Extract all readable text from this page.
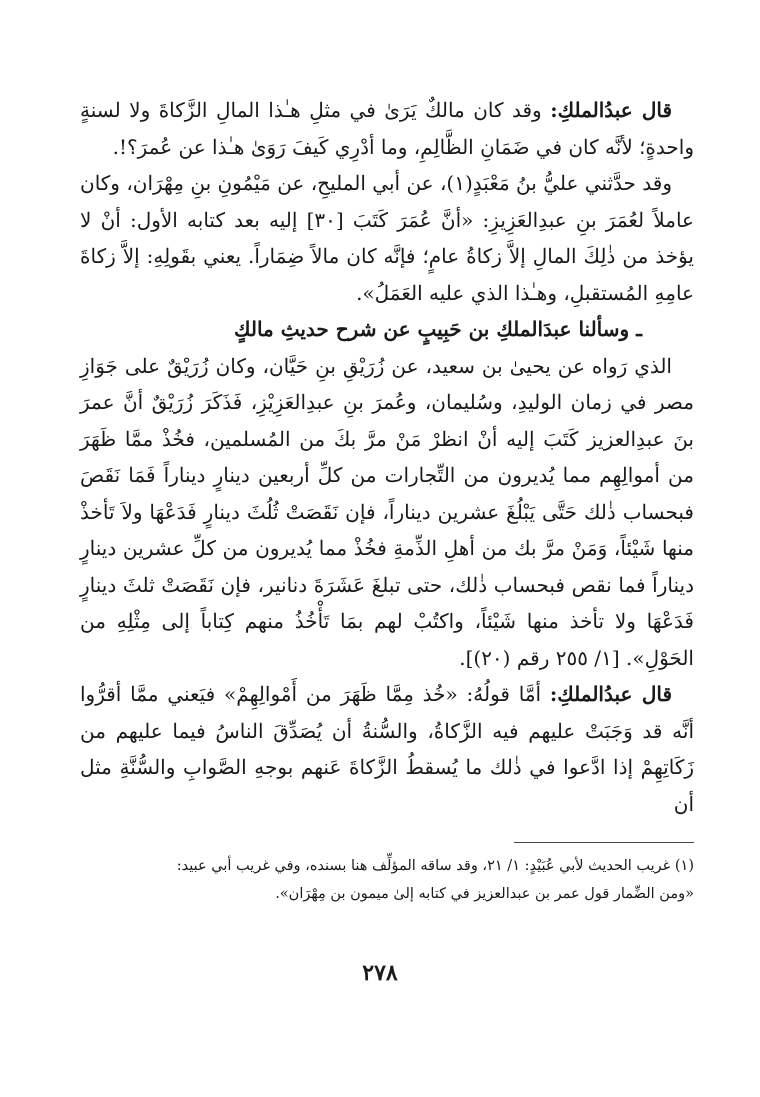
قال عبدُالملكِ: وقد كان مالكٌ يَرَىٰ في مثلِ هـٰذا المالِ الزَّكاةَ ولا لسنةٍ واحدةٍ؛ لأنَّه كان في ضَمَانِ الظَّالِمِ، وما أدْرِي كَيفَ رَوَىٰ هـٰذا عن عُمرَ؟!.

وقد حدَّثني عليُّ بنُ مَعْبَدٍ(١)، عن أبي المليحِ، عن مَيْمُونِ بنِ مِهْرَان، وكان عاملاً لعُمَرَ بنِ عبدِالعَزِيزِ: «أنَّ عُمَرَ كَتَبَ [٣٠] إليه بعد كتابه الأول: أنْ لا يؤخذ من ذٰلِكَ المالِ إلاَّ زكاةُ عامٍ؛ فإنَّه كان مالاً ضِمَاراً. يعني بقَولِهِ: إلاَّ زكاةَ عامِهِ المُستقبلِ، وهـٰذا الذي عليه العَمَلُ».

ـ وسألنا عبدَالملكِ بن حَبِيبٍ عن شرح حديثِ مالكٍ

الذي رَواه عن يحيىٰ بن سعيد، عن زُرَيْقِ بنِ حَيَّان، وكان زُرَيْقٌ على جَوَازِ مصر في زمان الوليدِ، وسُليمان، وعُمرَ بنِ عبدِالعَزِيْزِ، فَذَكَرَ زُرَيْقٌ أنَّ عمرَ بنَ عبدِالعزيز كَتَبَ إليه أنْ انظرْ مَنْ مرَّ بكَ من المُسلمين، فخُذْ ممَّا ظَهَرَ من أموالِهِم مما يُديرون من التِّجارات من كلِّ أربعين دينارٍ ديناراً فَمَا نَقَصَ فبحساب ذٰلك حَتَّى يَبْلُغَ عشرين ديناراً، فإن نَقَصَتْ ثُلُثَ دينارٍ فَدَعْهَا ولاَ تَأخذْ منها شَيْئاً، وَمَنْ مرَّ بك من أهلِ الذِّمةِ فخُذْ مما يُديرون من كلِّ عشرين دينارٍ ديناراً فما نقص فبحساب ذٰلك، حتى تبلغَ عَشَرَةَ دنانير، فإن نَقَصَتْ ثلثَ دينارٍ فَدَعْهَا ولا تأخذ منها شَيْئاً، واكتُبْ لهم بمَا تَأْخُذُ منهم كِتاباً إلى مِثْلِهِ من الحَوْلِ». [١/ ٢٥٥ رقم (٢٠)].

قال عبدُالملكِ: أمَّا قولُهُ: «خُذ مِمَّا ظَهَرَ من أَمْوالِهِمْ» فيَعني ممَّا أقرُّوا أنَّه قد وَجَبَتْ عليهم فيه الزَّكاةُ، والسُّنةُ أن يُصَدِّقَ الناسُ فيما عليهم من زَكَاتِهِمْ إذا ادَّعوا في ذٰلك ما يُسقطُ الزَّكاةَ عَنهم بوجهِ الصَّوابِ والسُّنَّةِ مثل أن

(١) غريب الحديث لأبي عُبَيْدٍ: ١/ ٢١، وقد ساقه المؤلِّف هنا بسنده، وفي غريب أبي عبيد:

«ومن الضِّمار قول عمر بن عبدالعزيز في كتابه إلىٰ ميمون بن مِهْرَان».

٢٧٨
